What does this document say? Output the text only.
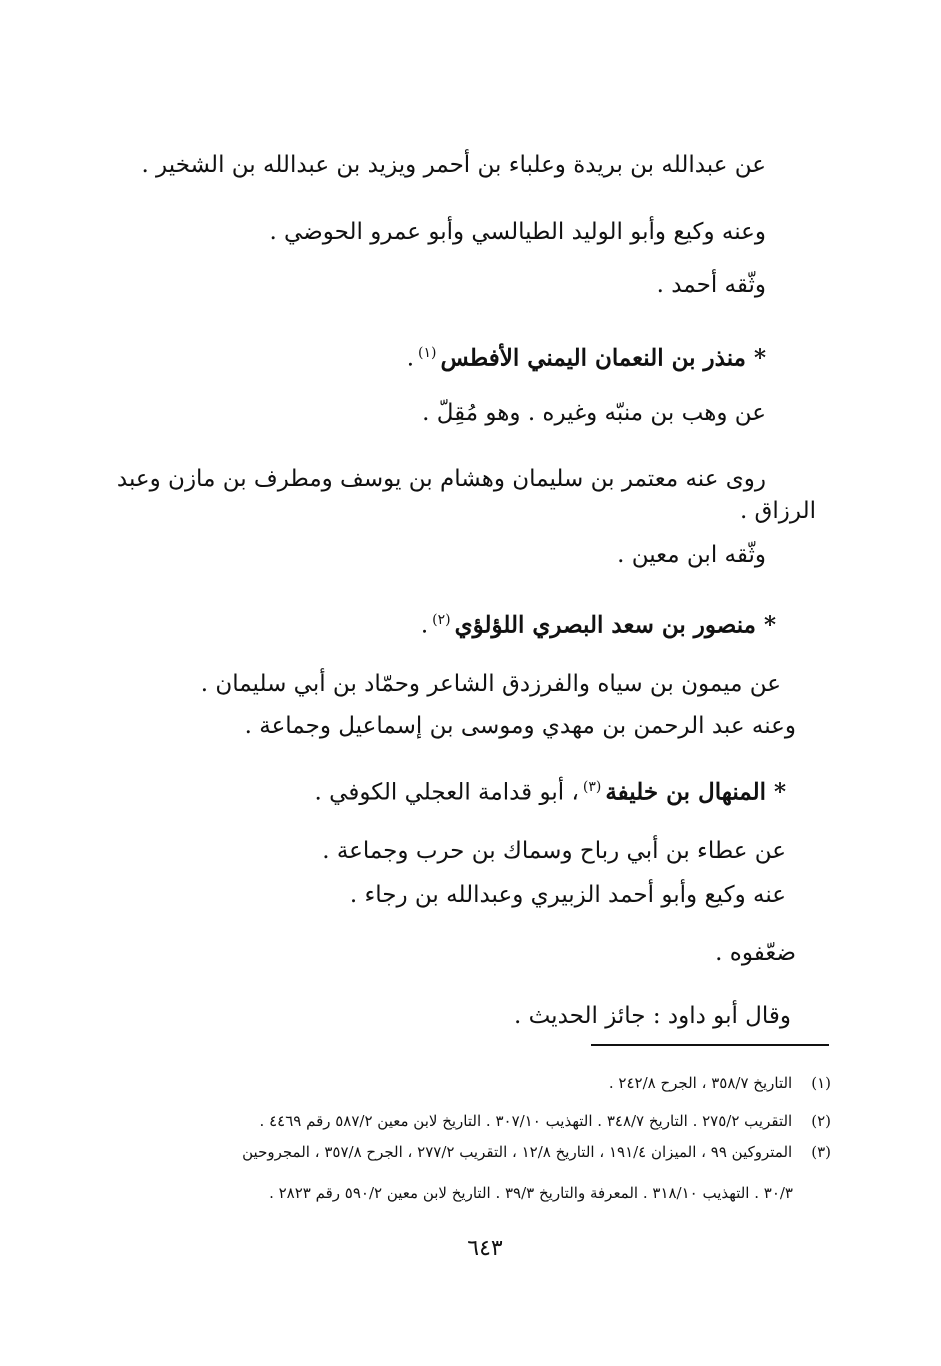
عن عبدالله بن بريدة وعلباء بن أحمر ويزيد بن عبدالله بن الشخير .
وعنه وكيع وأبو الوليد الطيالسي وأبو عمرو الحوضي .
وثّقه أحمد .
* منذر بن النعمان اليمني الأفطس$^{(١)}$.
عن وهب بن منبّه وغيره . وهو مُقِلّ .
روى عنه معتمر بن سليمان وهشام بن يوسف ومطرف بن مازن وعبد
الرزاق .
وثّقه ابن معين .
* منصور بن سعد البصري اللؤلؤي$^{(٢)}$.
عن ميمون بن سياه والفرزدق الشاعر وحمّاد بن أبي سليمان .
وعنه عبد الرحمن بن مهدي وموسى بن إسماعيل وجماعة .
* المنهال بن خليفة$^{(٣)}$، أبو قدامة العجلي الكوفي .
عن عطاء بن أبي رباح وسماك بن حرب وجماعة .
عنه وكيع وأبو أحمد الزبيري وعبدالله بن رجاء .
ضعّفوه .
وقال أبو داود : جائز الحديث .
(١) التاريخ ٣٥٨/٧ ، الجرح ٢٤٢/٨ .
(٢) التقريب ٢٧٥/٢ . التاريخ ٣٤٨/٧ . التهذيب ٣٠٧/١٠ . التاريخ لابن معين ٥٨٧/٢ رقم ٤٤٦٩ .
(٣) المتروكين ٩٩ ، الميزان ١٩١/٤ ، التاريخ ١٢/٨ ، التقريب ٢٧٧/٢ ، الجرح ٣٥٧/٨ ، المجروحين
٣٠/٣ . التهذيب ٣١٨/١٠ . المعرفة والتاريخ ٣٩/٣ . التاريخ لابن معين ٥٩٠/٢ رقم ٢٨٢٣ .
٦٤٣
